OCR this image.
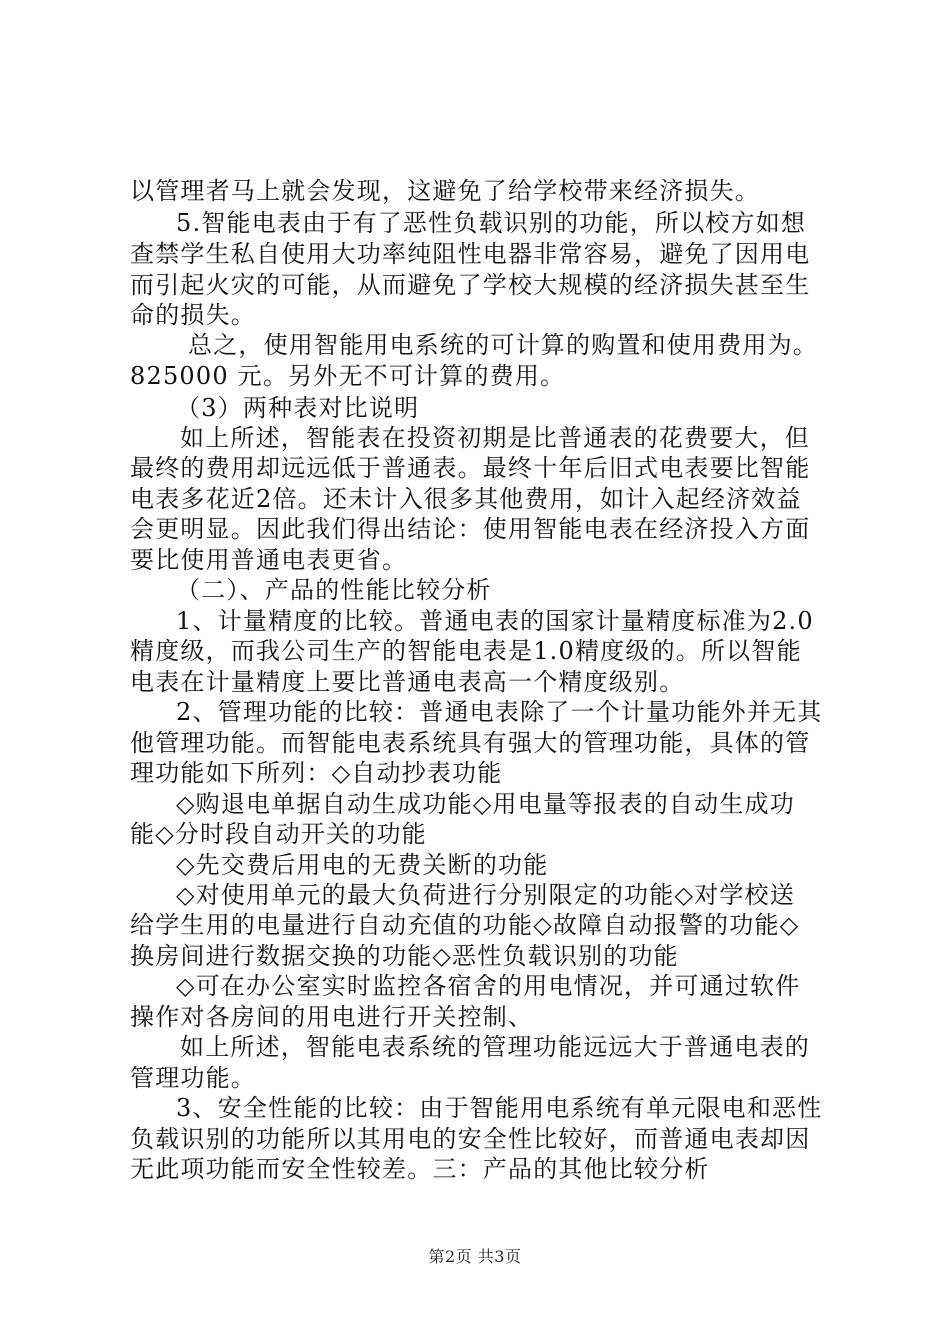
以管理者马上就会发现，这避免了给学校带来经济损失。
5.智能电表由于有了恶性负载识别的功能，所以校方如想
查禁学生私自使用大功率纯阻性电器非常容易，避免了因用电
而引起火灾的可能，从而避免了学校大规模的经济损失甚至生
命的损失。
总之，使用智能用电系统的可计算的购置和使用费用为。
825000 元。另外无不可计算的费用。
（3）两种表对比说明
如上所述，智能表在投资初期是比普通表的花费要大，但
最终的费用却远远低于普通表。最终十年后旧式电表要比智能
电表多花近2倍。还未计入很多其他费用，如计入起经济效益
会更明显。因此我们得出结论：使用智能电表在经济投入方面
要比使用普通电表更省。
（二）、产品的性能比较分析
1、计量精度的比较。普通电表的国家计量精度标准为2.0
精度级，而我公司生产的智能电表是1.0精度级的。所以智能
电表在计量精度上要比普通电表高一个精度级别。
2、管理功能的比较：普通电表除了一个计量功能外并无其
他管理功能。而智能电表系统具有强大的管理功能，具体的管
理功能如下所列：◇自动抄表功能
◇购退电单据自动生成功能◇用电量等报表的自动生成功
能◇分时段自动开关的功能
◇先交费后用电的无费关断的功能
◇对使用单元的最大负荷进行分别限定的功能◇对学校送
给学生用的电量进行自动充值的功能◇故障自动报警的功能◇
换房间进行数据交换的功能◇恶性负载识别的功能
◇可在办公室实时监控各宿舍的用电情况，并可通过软件
操作对各房间的用电进行开关控制、
如上所述，智能电表系统的管理功能远远大于普通电表的
管理功能。
3、安全性能的比较：由于智能用电系统有单元限电和恶性
负载识别的功能所以其用电的安全性比较好，而普通电表却因
无此项功能而安全性较差。三：产品的其他比较分析
第2页 共3页
